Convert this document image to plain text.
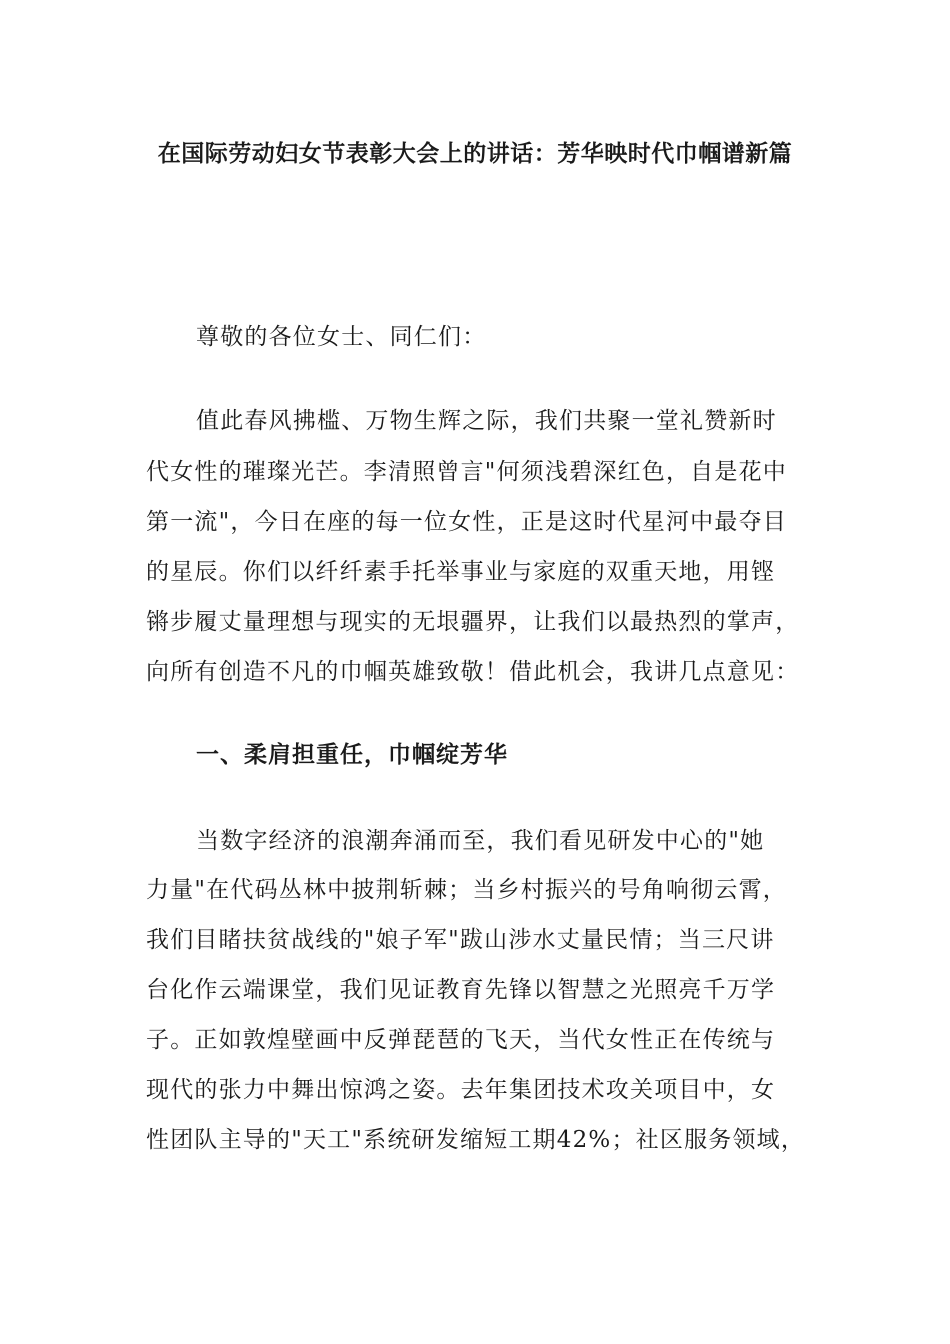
在国际劳动妇女节表彰大会上的讲话：芳华映时代巾帼谱新篇
尊敬的各位女士、同仁们：
值此春风拂槛、万物生辉之际，我们共聚一堂礼赞新时
代女性的璀璨光芒。李清照曾言"何须浅碧深红色，自是花中
第一流"，今日在座的每一位女性，正是这时代星河中最夺目
的星辰。你们以纤纤素手托举事业与家庭的双重天地，用铿
锵步履丈量理想与现实的无垠疆界，让我们以最热烈的掌声，
向所有创造不凡的巾帼英雄致敬！借此机会，我讲几点意见：
一、柔肩担重任，巾帼绽芳华
当数字经济的浪潮奔涌而至，我们看见研发中心的"她
力量"在代码丛林中披荆斩棘；当乡村振兴的号角响彻云霄，
我们目睹扶贫战线的"娘子军"跋山涉水丈量民情；当三尺讲
台化作云端课堂，我们见证教育先锋以智慧之光照亮千万学
子。正如敦煌壁画中反弹琵琶的飞天，当代女性正在传统与
现代的张力中舞出惊鸿之姿。去年集团技术攻关项目中，女
性团队主导的"天工"系统研发缩短工期42%；社区服务领域，
